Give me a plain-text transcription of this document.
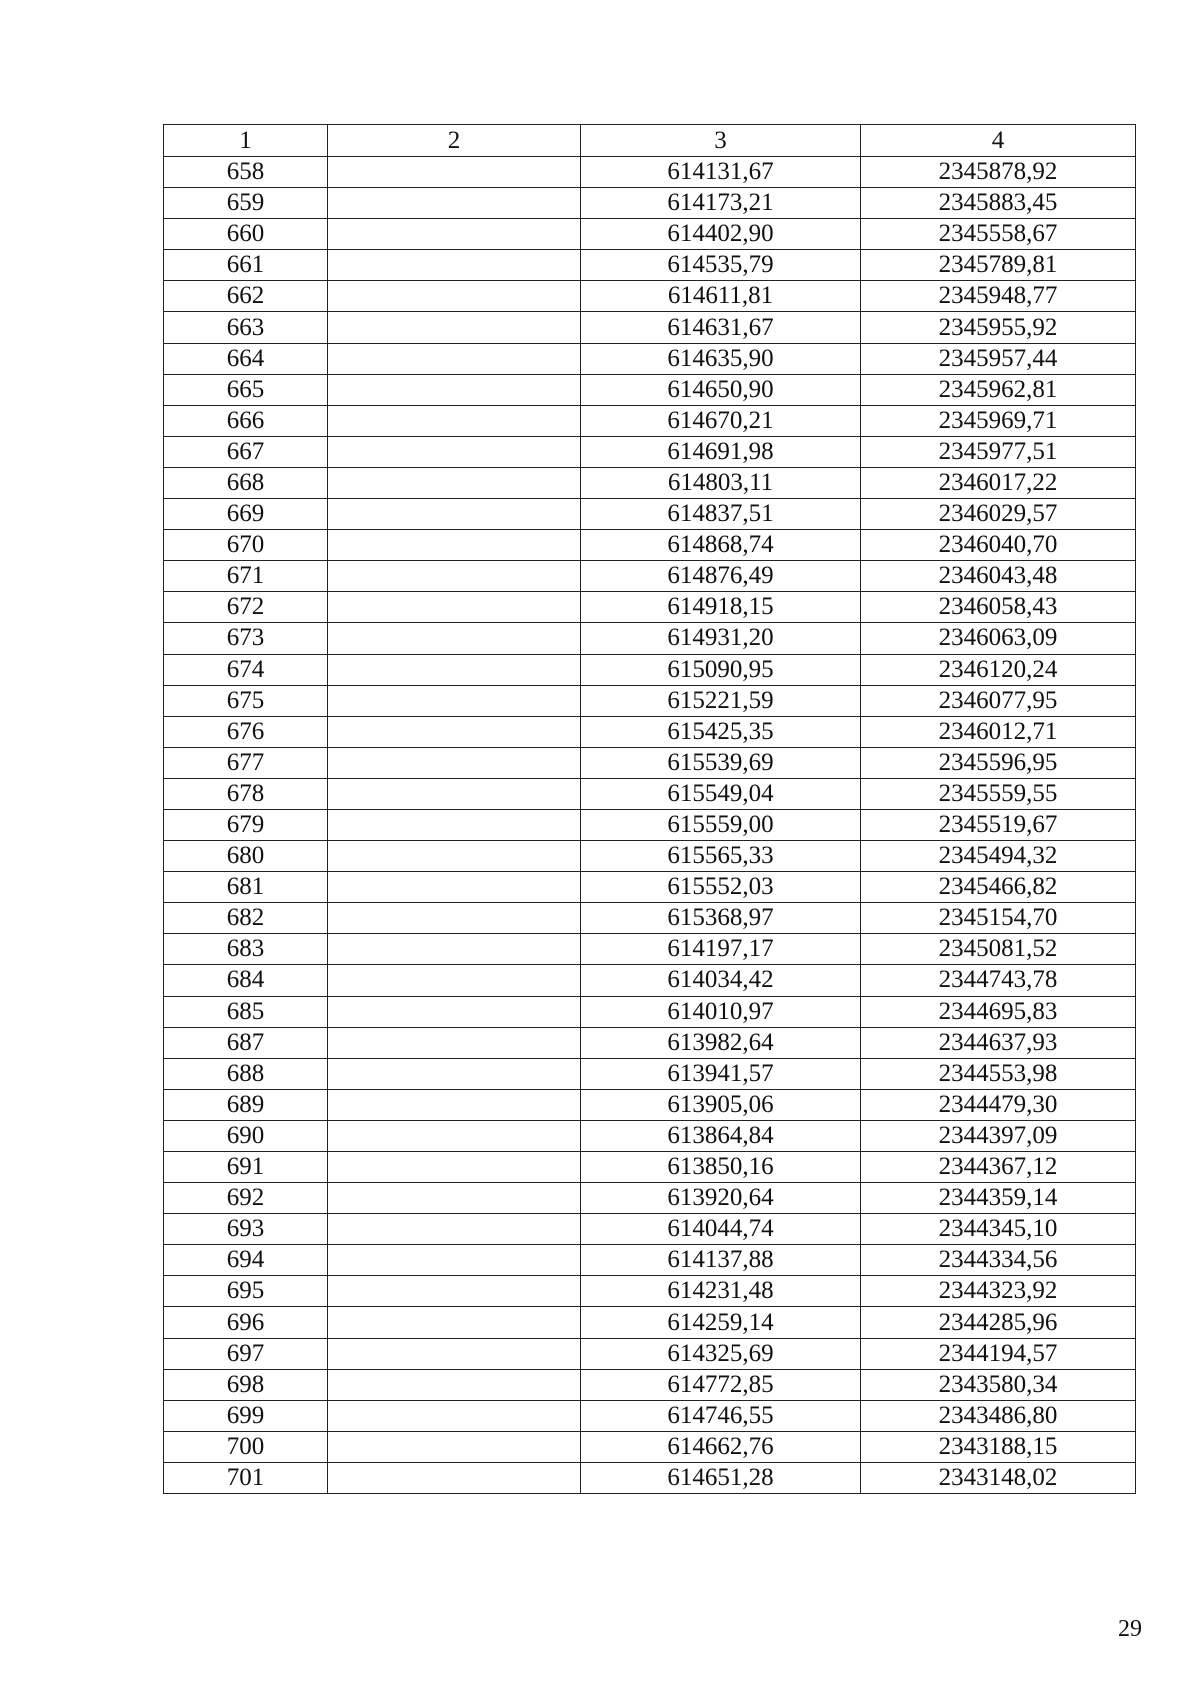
1	2	3	4
658		614131,67	2345878,92
659		614173,21	2345883,45
660		614402,90	2345558,67
661		614535,79	2345789,81
662		614611,81	2345948,77
663		614631,67	2345955,92
664		614635,90	2345957,44
665		614650,90	2345962,81
666		614670,21	2345969,71
667		614691,98	2345977,51
668		614803,11	2346017,22
669		614837,51	2346029,57
670		614868,74	2346040,70
671		614876,49	2346043,48
672		614918,15	2346058,43
673		614931,20	2346063,09
674		615090,95	2346120,24
675		615221,59	2346077,95
676		615425,35	2346012,71
677		615539,69	2345596,95
678		615549,04	2345559,55
679		615559,00	2345519,67
680		615565,33	2345494,32
681		615552,03	2345466,82
682		615368,97	2345154,70
683		614197,17	2345081,52
684		614034,42	2344743,78
685		614010,97	2344695,83
687		613982,64	2344637,93
688		613941,57	2344553,98
689		613905,06	2344479,30
690		613864,84	2344397,09
691		613850,16	2344367,12
692		613920,64	2344359,14
693		614044,74	2344345,10
694		614137,88	2344334,56
695		614231,48	2344323,92
696		614259,14	2344285,96
697		614325,69	2344194,57
698		614772,85	2343580,34
699		614746,55	2343486,80
700		614662,76	2343188,15
701		614651,28	2343148,02
29
